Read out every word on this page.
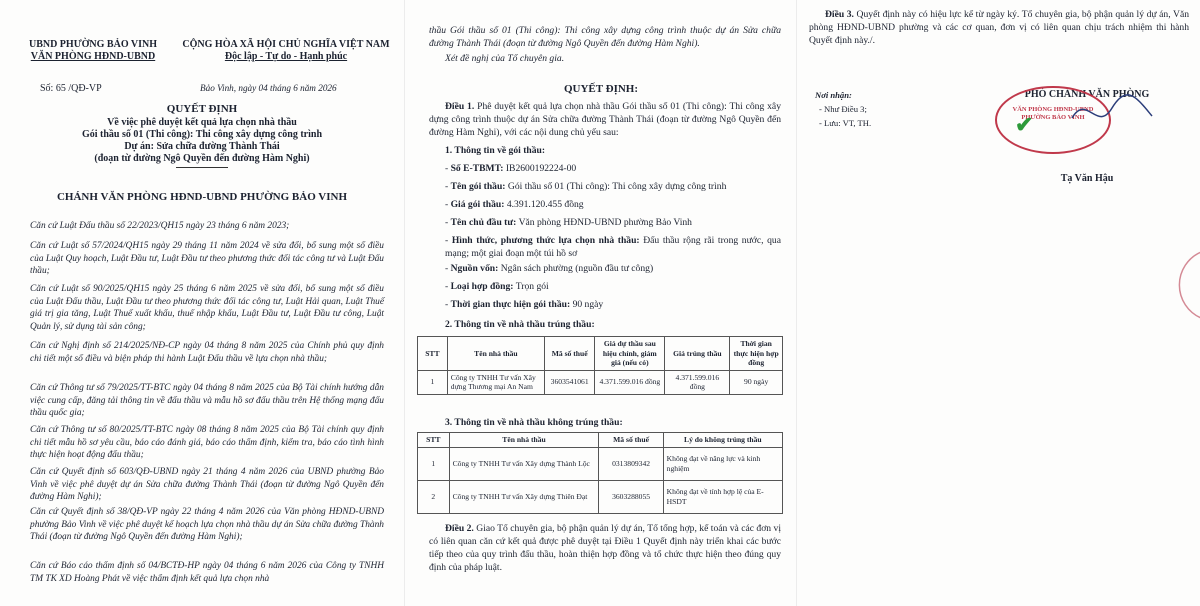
UBND PHƯỜNG BẢO VINH
VĂN PHÒNG HĐND-UBND
CỘNG HÒA XÃ HỘI CHỦ NGHĨA VIỆT NAM
Độc lập - Tự do - Hạnh phúc
Số: 65 /QĐ-VP	Bảo Vinh, ngày 04 tháng 6 năm 2026
QUYẾT ĐỊNH
Về việc phê duyệt kết quả lựa chọn nhà thầu
Gói thầu số 01 (Thi công): Thi công xây dựng công trình
Dự án: Sửa chữa đường Thành Thái
(đoạn từ đường Ngô Quyền đến đường Hàm Nghi)
CHÁNH VĂN PHÒNG HĐND-UBND PHƯỜNG BẢO VINH
Căn cứ Luật Đấu thầu số 22/2023/QH15 ngày 23 tháng 6 năm 2023;
Căn cứ Luật số 57/2024/QH15 ngày 29 tháng 11 năm 2024 về sửa đổi, bổ sung một số điều của Luật Quy hoạch, Luật Đầu tư, Luật Đầu tư theo phương thức đối tác công tư và Luật Đấu thầu;
Căn cứ Luật số 90/2025/QH15 ngày 25 tháng 6 năm 2025 về sửa đổi, bổ sung một số điều của Luật Đấu thầu, Luật Đầu tư theo phương thức đối tác công tư, Luật Hải quan, Luật Thuế giá trị gia tăng, Luật Thuế xuất khẩu, thuế nhập khẩu, Luật Đầu tư, Luật Đầu tư công, Luật Quản lý, sử dụng tài sản công;
Căn cứ Nghị định số 214/2025/NĐ-CP ngày 04 tháng 8 năm 2025 của Chính phủ quy định chi tiết một số điều và biện pháp thi hành Luật Đấu thầu về lựa chọn nhà thầu;
Căn cứ Thông tư số 79/2025/TT-BTC ngày 04 tháng 8 năm 2025 của Bộ Tài chính hướng dẫn việc cung cấp, đăng tải thông tin về đấu thầu và mẫu hồ sơ đấu thầu trên Hệ thống mạng đấu thầu quốc gia;
Căn cứ Thông tư số 80/2025/TT-BTC ngày 08 tháng 8 năm 2025 của Bộ Tài chính quy định chi tiết mẫu hồ sơ yêu cầu, báo cáo đánh giá, báo cáo thẩm định, kiểm tra, báo cáo tình hình thực hiện hoạt động đấu thầu;
Căn cứ Quyết định số 603/QĐ-UBND ngày 21 tháng 4 năm 2026 của UBND phường Bảo Vinh về việc phê duyệt dự án Sửa chữa đường Thành Thái (đoạn từ đường Ngô Quyền đến đường Hàm Nghi);
Căn cứ Quyết định số 38/QĐ-VP ngày 22 tháng 4 năm 2026 của Văn phòng HĐND-UBND phường Bảo Vinh về việc phê duyệt kế hoạch lựa chọn nhà thầu dự án Sửa chữa đường Thành Thái (đoạn từ đường Ngô Quyền đến đường Hàm Nghi);
Căn cứ Báo cáo thẩm định số 04/BCTĐ-HP ngày 04 tháng 6 năm 2026 của Công ty TNHH TM TK XD Hoàng Phát về việc thẩm định kết quả lựa chọn nhà
thầu Gói thầu số 01 (Thi công): Thi công xây dựng công trình thuộc dự án Sửa chữa đường Thành Thái (đoạn từ đường Ngô Quyền đến đường Hàm Nghi).
Xét đề nghị của Tổ chuyên gia.
QUYẾT ĐỊNH:
Điều 1. Phê duyệt kết quả lựa chọn nhà thầu Gói thầu số 01 (Thi công): Thi công xây dựng công trình thuộc dự án Sửa chữa đường Thành Thái (đoạn từ đường Ngô Quyền đến đường Hàm Nghi), với các nội dung chủ yếu sau:
1. Thông tin về gói thầu:
- Số E-TBMT: IB2600192224-00
- Tên gói thầu: Gói thầu số 01 (Thi công): Thi công xây dựng công trình
- Giá gói thầu: 4.391.120.455 đồng
- Tên chủ đầu tư: Văn phòng HĐND-UBND phường Bảo Vinh
- Hình thức, phương thức lựa chọn nhà thầu: Đấu thầu rộng rãi trong nước, qua mạng; một giai đoạn một túi hồ sơ
- Nguồn vốn: Ngân sách phường (nguồn đầu tư công)
- Loại hợp đồng: Trọn gói
- Thời gian thực hiện gói thầu: 90 ngày
2. Thông tin về nhà thầu trúng thầu:
STT	Tên nhà thầu	Mã số thuế	Giá dự thầu sau hiệu chỉnh, giảm giá (nếu có)	Giá trúng thầu	Thời gian thực hiện hợp đồng
1	Công ty TNHH Tư vấn Xây dựng Thương mại An Nam	3603541061	4.371.599.016 đồng	4.371.599.016 đồng	90 ngày
3. Thông tin về nhà thầu không trúng thầu:
STT	Tên nhà thầu	Mã số thuế	Lý do không trúng thầu
1	Công ty TNHH Tư vấn Xây dựng Thành Lộc	0313809342	Không đạt về năng lực và kinh nghiệm
2	Công ty TNHH Tư vấn Xây dựng Thiên Đạt	3603288055	Không đạt về tính hợp lệ của E-HSDT
Điều 2. Giao Tổ chuyên gia, bộ phận quản lý dự án, Tổ tổng hợp, kế toán và các đơn vị có liên quan căn cứ kết quả được phê duyệt tại Điều 1 Quyết định này triển khai các bước tiếp theo của quy trình đấu thầu, hoàn thiện hợp đồng và tổ chức thực hiện theo đúng quy định của pháp luật.
Điều 3. Quyết định này có hiệu lực kể từ ngày ký. Tổ chuyên gia, bộ phận quản lý dự án, Văn phòng HĐND-UBND phường và các cơ quan, đơn vị có liên quan chịu trách nhiệm thi hành Quyết định này./.
Nơi nhận:
- Như Điều 3;
- Lưu: VT, TH.
PHÓ CHÁNH VĂN PHÒNG
VĂN PHÒNG HĐND-UBND PHƯỜNG BẢO VINH
✔
Tạ Văn Hậu
